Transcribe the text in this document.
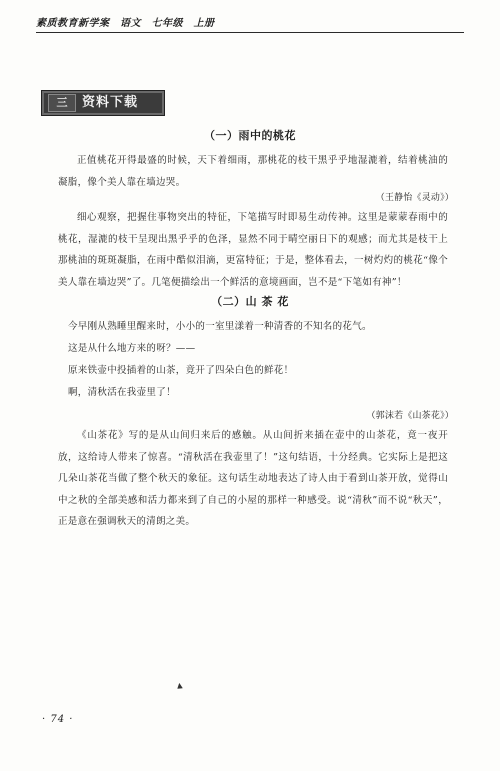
素质教育新学案　语文　七年级　上册
三	资料下载
（一）雨中的桃花
正值桃花开得最盛的时候，天下着细雨，那桃花的枝干黑乎乎地湿漉着，结着桃油的凝脂，像个美人靠在墙边哭。
（王静怡《灵动》）
细心观察，把握住事物突出的特征，下笔描写时即易生动传神。这里是蒙蒙春雨中的桃花，湿漉的枝干呈现出黑乎乎的色泽，显然不同于晴空丽日下的观感；而尤其是枝干上那桃油的斑斑凝脂，在雨中酷似泪滴，更富特征；于是，整体看去，一树灼灼的桃花“像个美人靠在墙边哭”了。几笔便描绘出一个鲜活的意境画面，岂不是“下笔如有神”！
（二）山 茶 花
今早刚从熟睡里醒来时，小小的一室里漾着一种清香的不知名的花气。
这是从什么地方来的呀？——
原来铁壶中投插着的山茶，竟开了四朵白色的鲜花！
啊，清秋活在我壶里了！
（郭沫若《山茶花》）
《山茶花》写的是从山间归来后的感触。从山间折来插在壶中的山茶花，竟一夜开放，这给诗人带来了惊喜。“清秋活在我壶里了！”这句结语，十分经典。它实际上是把这几朵山茶花当做了整个秋天的象征。这句话生动地表达了诗人由于看到山茶开放，觉得山中之秋的全部美感和活力都来到了自己的小屋的那样一种感受。说“清秋”而不说“秋天”，正是意在强调秋天的清朗之美。
· 74 ·
